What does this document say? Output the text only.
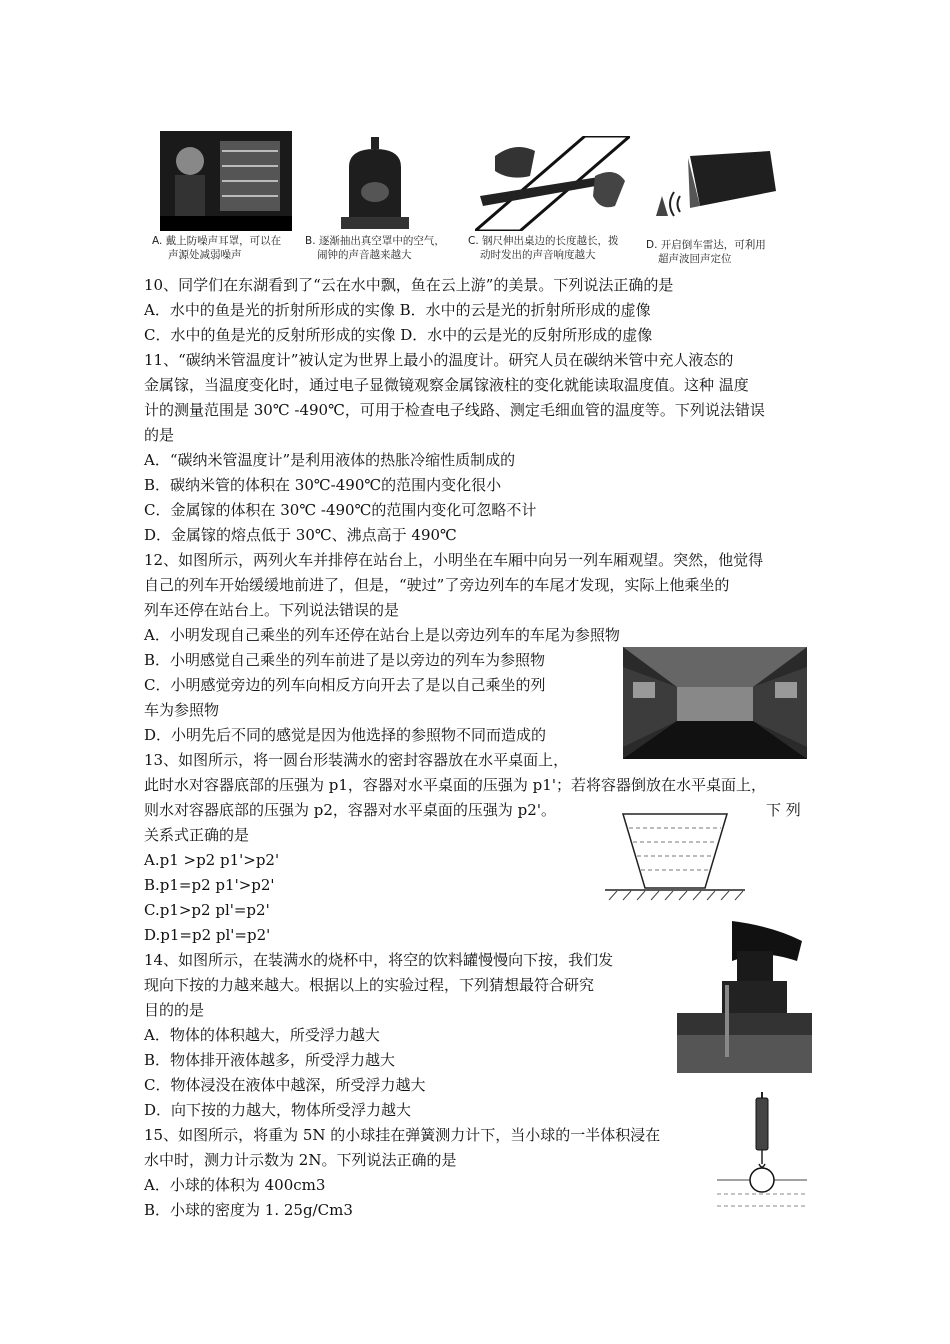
A. 戴上防噪声耳罩，可以在
声源处减弱噪声
B. 逐渐抽出真空罩中的空气，
闹钟的声音越来越大
C. 钢尺伸出桌边的长度越长，拨
动时发出的声音响度越大
D. 开启倒车雷达，可利用
超声波回声定位
10、同学们在东湖看到了“云在水中飘，鱼在云上游”的美景。下列说法正确的是
A．水中的鱼是光的折射所形成的实像 B．水中的云是光的折射所形成的虚像
C．水中的鱼是光的反射所形成的实像 D．水中的云是光的反射所形成的虚像
11、“碳纳米管温度计”被认定为世界上最小的温度计。研究人员在碳纳米管中充人液态的
金属镓，当温度变化时，通过电子显微镜观察金属镓液柱的变化就能读取温度值。这种 温度
计的测量范围是 30℃ -490℃，可用于检查电子线路、测定毛细血管的温度等。下列说法错误
的是
A．“碳纳米管温度计”是利用液体的热胀冷缩性质制成的
B．碳纳米管的体积在 30℃-490℃的范围内变化很小
C．金属镓的体积在 30℃ -490℃的范围内变化可忽略不计
D．金属镓的熔点低于 30℃、沸点高于 490℃
12、如图所示，两列火车并排停在站台上，小明坐在车厢中向另一列车厢观望。突然，他觉得
自己的列车开始缓缓地前进了，但是，“驶过”了旁边列车的车尾才发现，实际上他乘坐的
列车还停在站台上。下列说法错误的是
A．小明发现自己乘坐的列车还停在站台上是以旁边列车的车尾为参照物
B．小明感觉自己乘坐的列车前进了是以旁边的列车为参照物
C．小明感觉旁边的列车向相反方向开去了是以自己乘坐的列
车为参照物
D．小明先后不同的感觉是因为他选择的参照物不同而造成的
13、如图所示，将一圆台形装满水的密封容器放在水平桌面上，
此时水对容器底部的压强为 p1，容器对水平桌面的压强为 p1'；若将容器倒放在水平桌面上，
则水对容器底部的压强为 p2，容器对水平桌面的压强为 p2'。	下 列
关系式正确的是
A.p1 >p2 p1'>p2'
B.p1=p2 p1'>p2'
C.p1>p2 pl'=p2'
D.p1=p2 pl'=p2'
14、如图所示，在装满水的烧杯中，将空的饮料罐慢慢向下按，我们发
现向下按的力越来越大。根据以上的实验过程，下列猜想最符合研究
目的的是
A．物体的体积越大，所受浮力越大
B．物体排开液体越多，所受浮力越大
C．物体浸没在液体中越深，所受浮力越大
D．向下按的力越大，物体所受浮力越大
15、如图所示，将重为 5N 的小球挂在弹簧测力计下，当小球的一半体积浸在
水中时，测力计示数为 2N。下列说法正确的是
A．小球的体积为 400cm3
B．小球的密度为 1. 25g/Cm3
